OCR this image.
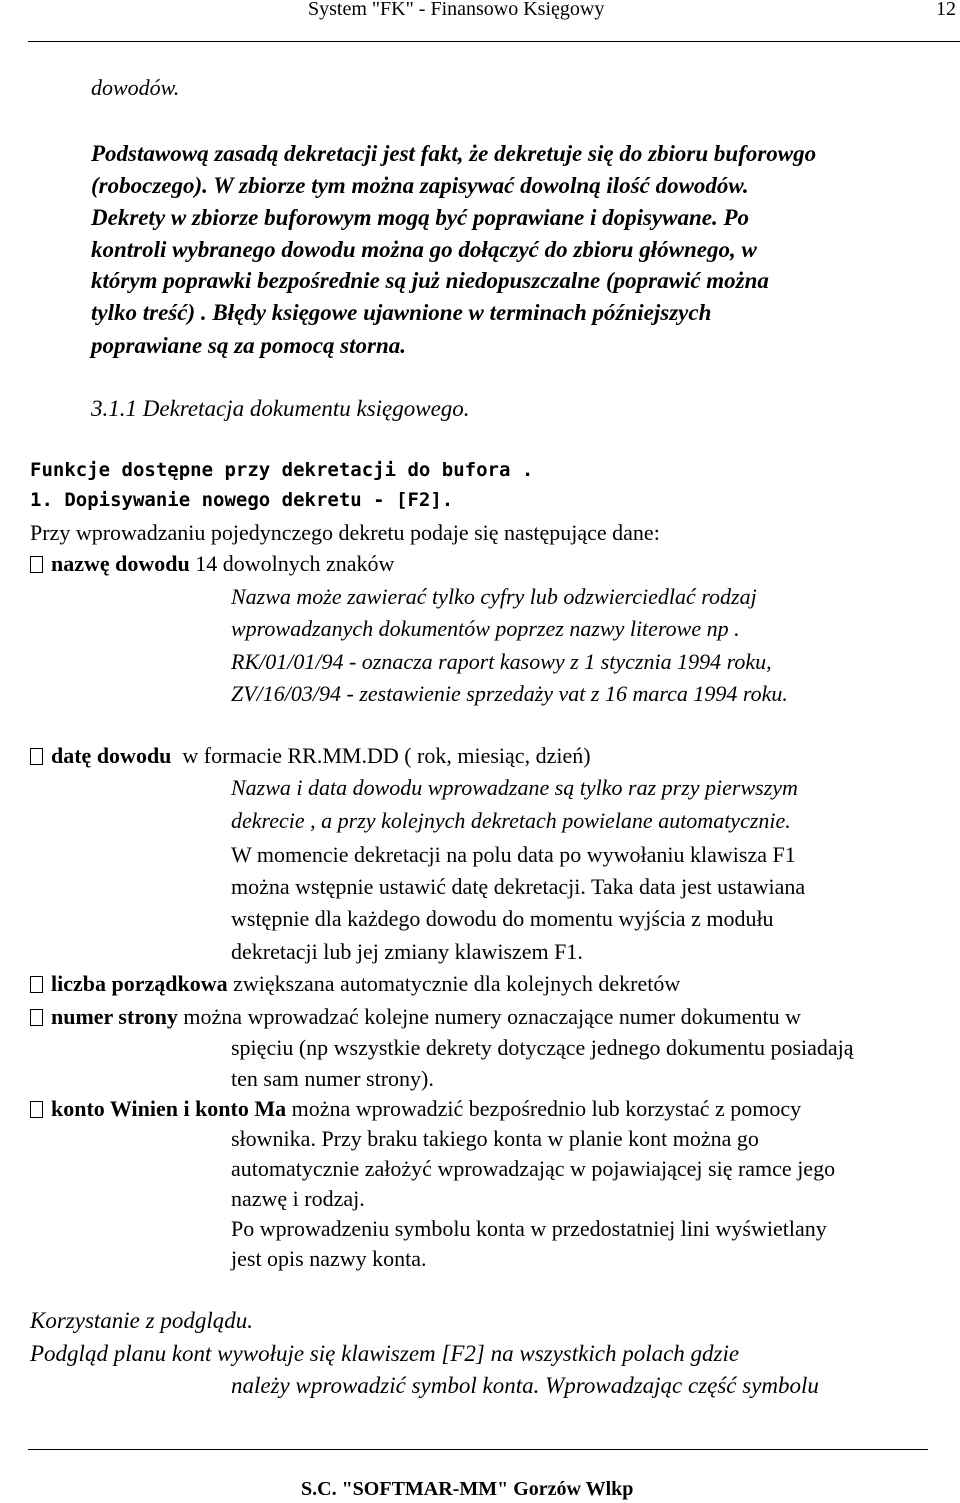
System "FK" - Finansowo Księgowy	12
dowodów.
Podstawową zasadą dekretacji jest fakt, że dekretuje się do zbioru buforowgo
(roboczego). W zbiorze tym można zapisywać dowolną ilość dowodów.
Dekrety w zbiorze buforowym mogą być poprawiane i dopisywane. Po
kontroli wybranego dowodu można go dołączyć do zbioru głównego, w
którym poprawki bezpośrednie są już niedopuszczalne (poprawić można
tylko treść) . Błędy księgowe ujawnione w terminach późniejszych
poprawiane są za pomocą storna.
3.1.1 Dekretacja dokumentu księgowego.
Funkcje dostępne przy dekretacji do bufora .
1. Dopisywanie nowego dekretu - [F2].
Przy wprowadzaniu pojedynczego dekretu podaje się następujące dane:
nazwę dowodu 14 dowolnych znaków
Nazwa może zawierać tylko cyfry lub odzwierciedlać rodzaj
wprowadzanych dokumentów poprzez nazwy literowe np .
RK/01/01/94 - oznacza raport kasowy z 1 stycznia 1994 roku,
ZV/16/03/94 - zestawienie sprzedaży vat z 16 marca 1994 roku.
datę dowodu w formacie RR.MM.DD ( rok, miesiąc, dzień)
Nazwa i data dowodu wprowadzane są tylko raz przy pierwszym
dekrecie , a przy kolejnych dekretach powielane automatycznie.
W momencie dekretacji na polu data po wywołaniu klawisza F1
można wstępnie ustawić datę dekretacji. Taka data jest ustawiana
wstępnie dla każdego dowodu do momentu wyjścia z modułu
dekretacji lub jej zmiany klawiszem F1.
liczba porządkowa zwiększana automatycznie dla kolejnych dekretów
numer strony można wprowadzać kolejne numery oznaczające numer dokumentu w
spięciu (np wszystkie dekrety dotyczące jednego dokumentu posiadają
ten sam numer strony).
konto Winien i konto Ma można wprowadzić bezpośrednio lub korzystać z pomocy
słownika. Przy braku takiego konta w planie kont można go
automatycznie założyć wprowadzając w pojawiającej się ramce jego
nazwę i rodzaj.
Po wprowadzeniu symbolu konta w przedostatniej lini wyświetlany
jest opis nazwy konta.
Korzystanie z podglądu.
Podgląd planu kont wywołuje się klawiszem [F2] na wszystkich polach gdzie
należy wprowadzić symbol konta. Wprowadzając część symbolu
S.C. "SOFTMAR-MM" Gorzów Wlkp
